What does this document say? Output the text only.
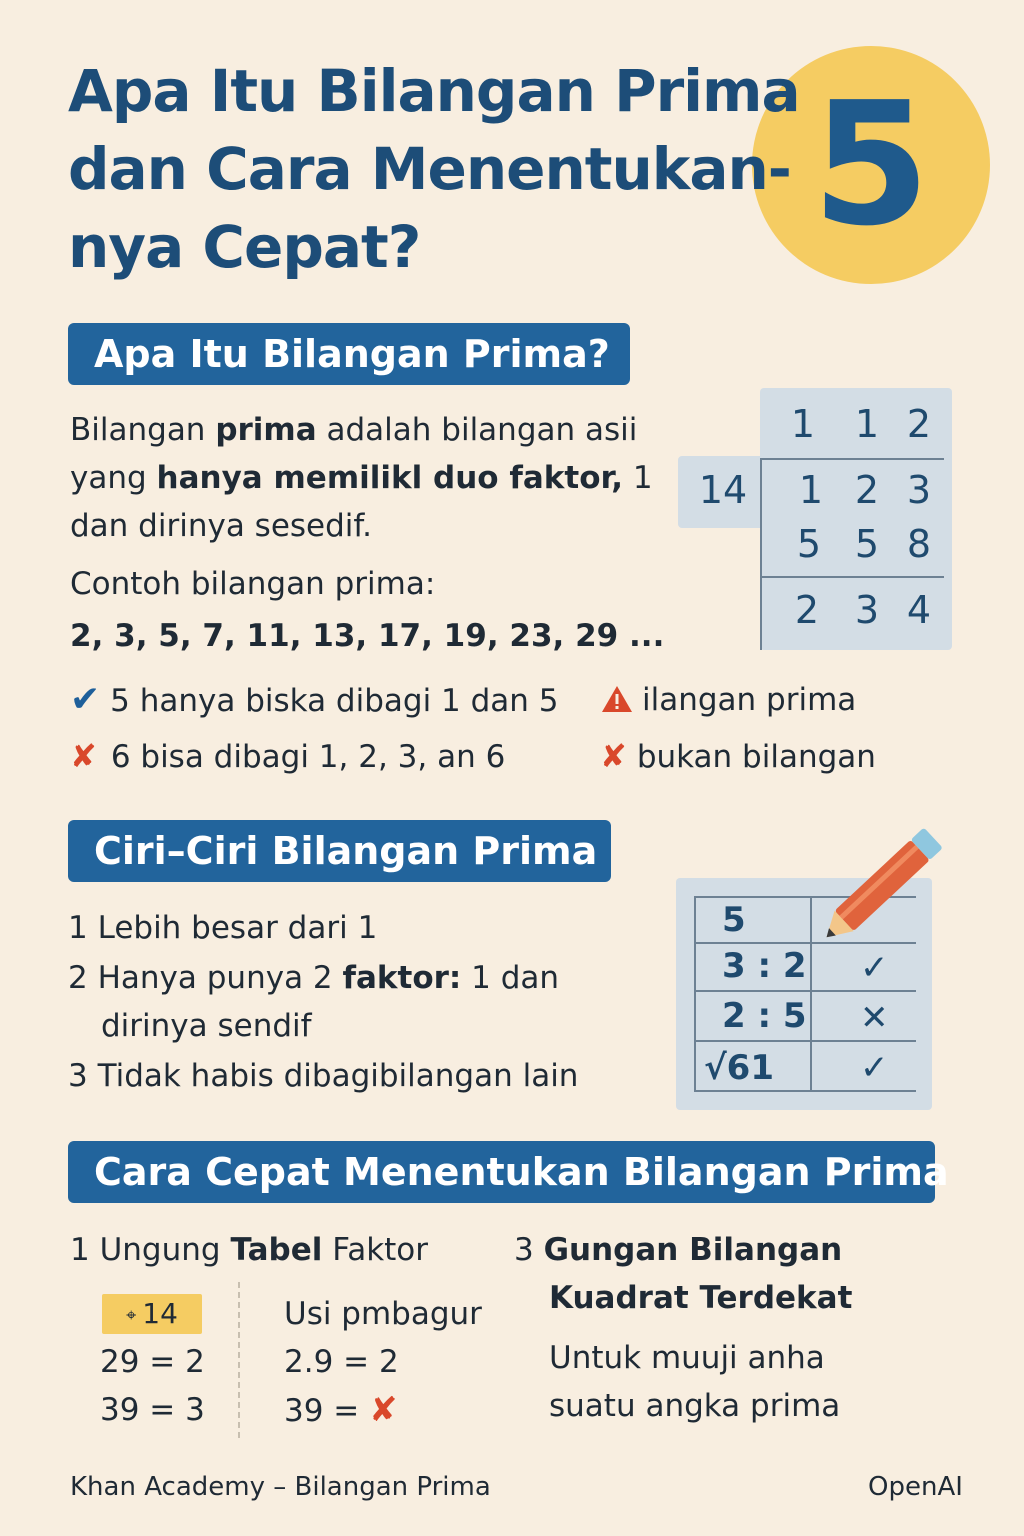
5
Apa Itu Bilangan Prima
dan Cara Menentukan-
nya Cepat?
Apa Itu Bilangan Prima?
Bilangan prima adalah bilangan asii
yang hanya memilikl duo faktor, 1
dan dirinya sesedif.
Contoh bilangan prima:
2, 3, 5, 7, 11, 13, 17, 19, 23, 29 ...
1	1 2
14	1 2 3
5 5 8
2 3 4
✔ 5 hanya biska dibagi 1 dan 5
✘ 6 bisa dibagi 1, 2, 3, an 6
ilangan prima
✘ bukan bilangan
Ciri–Ciri Bilangan Prima
1 Lebih besar dari 1
2 Hanya punya 2 faktor: 1 dan
dirinya sendif
3 Tidak habis dibagibilangan lain
5
3 : 2 ✓
2 : 5 ✕
√61	✓
Cara Cepat Menentukan Bilangan Prima
1 Ungung Tabel Faktor
⌖ 14
29 = 2
39 = 3
Usi pmbagur
2.9 = 2
39 = ✘
3 Gungan Bilangan
Kuadrat Terdekat
Untuk muuji anha
suatu angka prima
Khan Academy – Bilangan Prima	OpenAI
